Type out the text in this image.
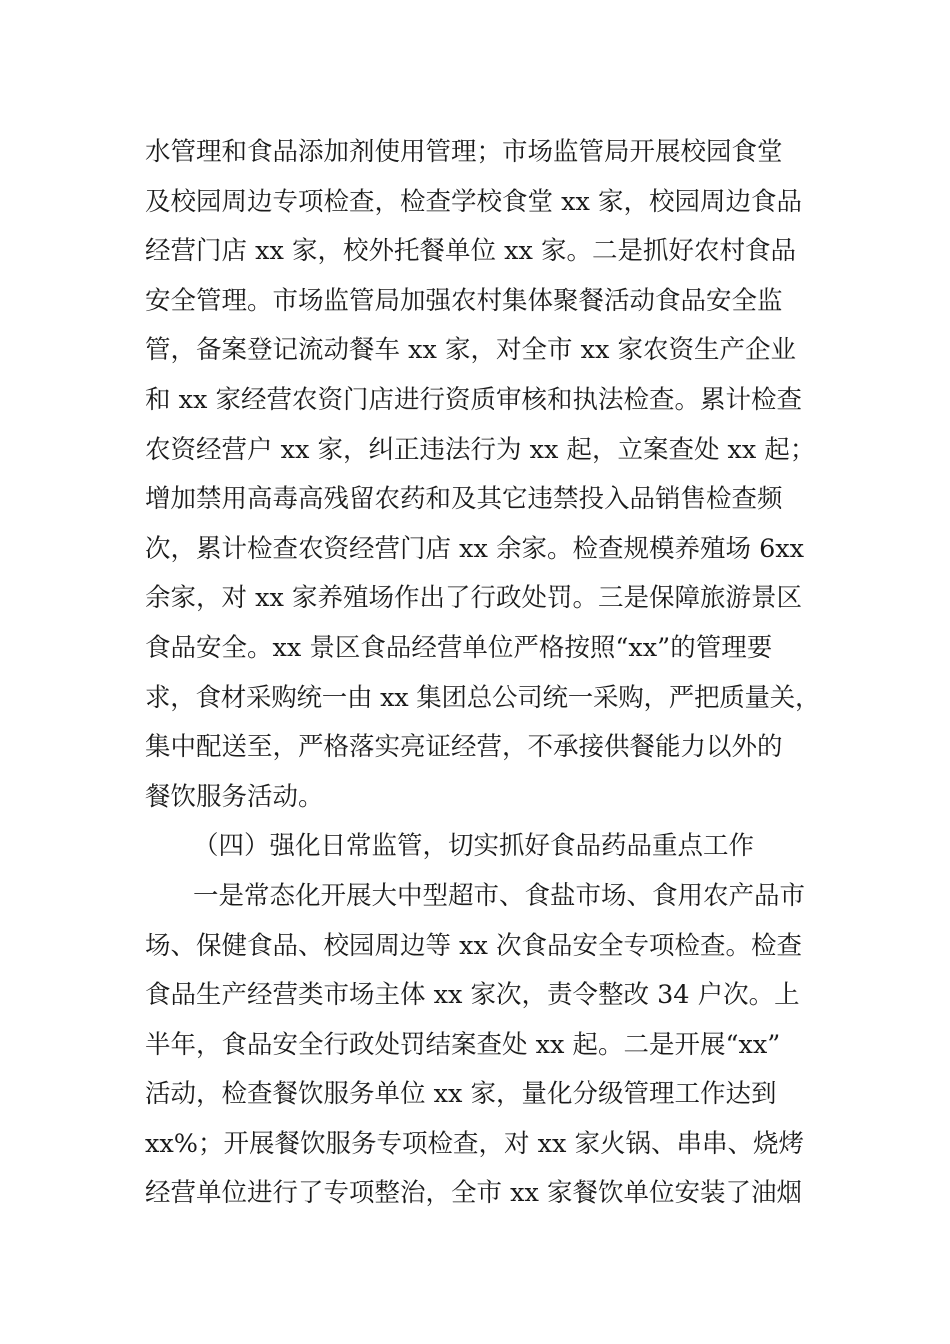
水管理和食品添加剂使用管理；市场监管局开展校园食堂
及校园周边专项检查，检查学校食堂 xx 家，校园周边食品
经营门店 xx 家，校外托餐单位 xx 家。二是抓好农村食品
安全管理。市场监管局加强农村集体聚餐活动食品安全监
管，备案登记流动餐车 xx 家，对全市 xx 家农资生产企业
和 xx 家经营农资门店进行资质审核和执法检查。累计检查
农资经营户 xx 家，纠正违法行为 xx 起，立案查处 xx 起；
增加禁用高毒高残留农药和及其它违禁投入品销售检查频
次，累计检查农资经营门店 xx 余家。检查规模养殖场 6xx
余家，对 xx 家养殖场作出了行政处罚。三是保障旅游景区
食品安全。xx 景区食品经营单位严格按照“xx”的管理要
求，食材采购统一由 xx 集团总公司统一采购，严把质量关，
集中配送至，严格落实亮证经营，不承接供餐能力以外的
餐饮服务活动。
（四）强化日常监管，切实抓好食品药品重点工作
一是常态化开展大中型超市、食盐市场、食用农产品市
场、保健食品、校园周边等 xx 次食品安全专项检查。检查
食品生产经营类市场主体 xx 家次，责令整改 34 户次。上
半年，食品安全行政处罚结案查处 xx 起。二是开展“xx”
活动，检查餐饮服务单位 xx 家，量化分级管理工作达到
xx%；开展餐饮服务专项检查，对 xx 家火锅、串串、烧烤
经营单位进行了专项整治，全市 xx 家餐饮单位安装了油烟
